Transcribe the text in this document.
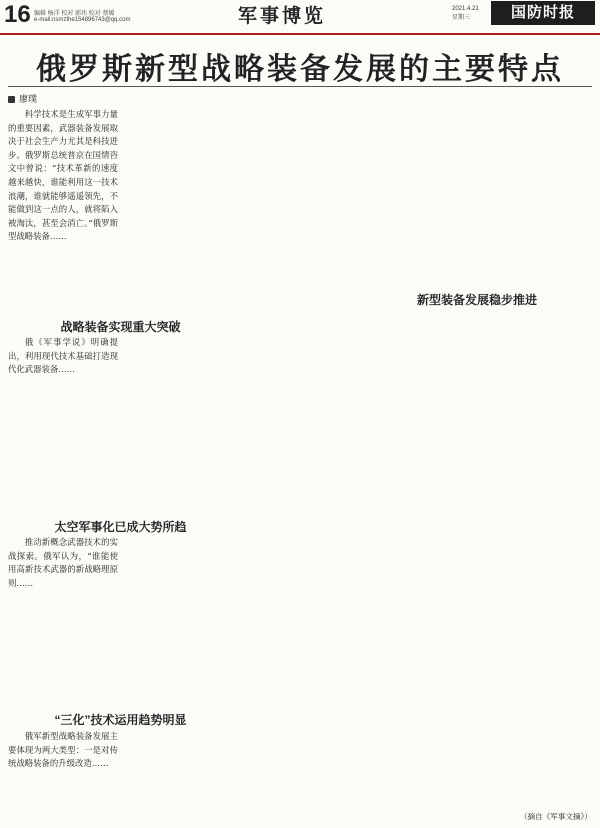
16 编辑 杨洋 校对 郭玮 校对 蔡媛
e-mail:nsmzthe154896743@qq.com	军事博览	2021.4.21
星期三	国防时报
俄罗斯新型战略装备发展的主要特点
廖璞
战略装备实现重大突破
太空军事化已成大势所趋
“三化”技术运用趋势明显
新型装备发展稳步推进

科学技术是生成军事力量的重要因素，武器装备发展取决于社会生产力尤其是科技进步。俄罗斯总统普京在国情咨文中曾说：“技术革新的速度越来越快，谁能利用这一技术浪潮，谁就能够遥遥领先，不能做到这一点的人，就将陷入被淘汰，甚至会消亡。”俄罗斯型战略装备……

俄《军事学说》明确提出，利用现代技术基础打造现代化武器装备……

推动新概念武器技术的实战探索。俄军认为，“谁能使用高新技术武器的新战略理原则……

俄军新型战略装备发展主要体现为两大类型：一是对传统战略装备的升级改造……

（摘自《军事文摘》）
